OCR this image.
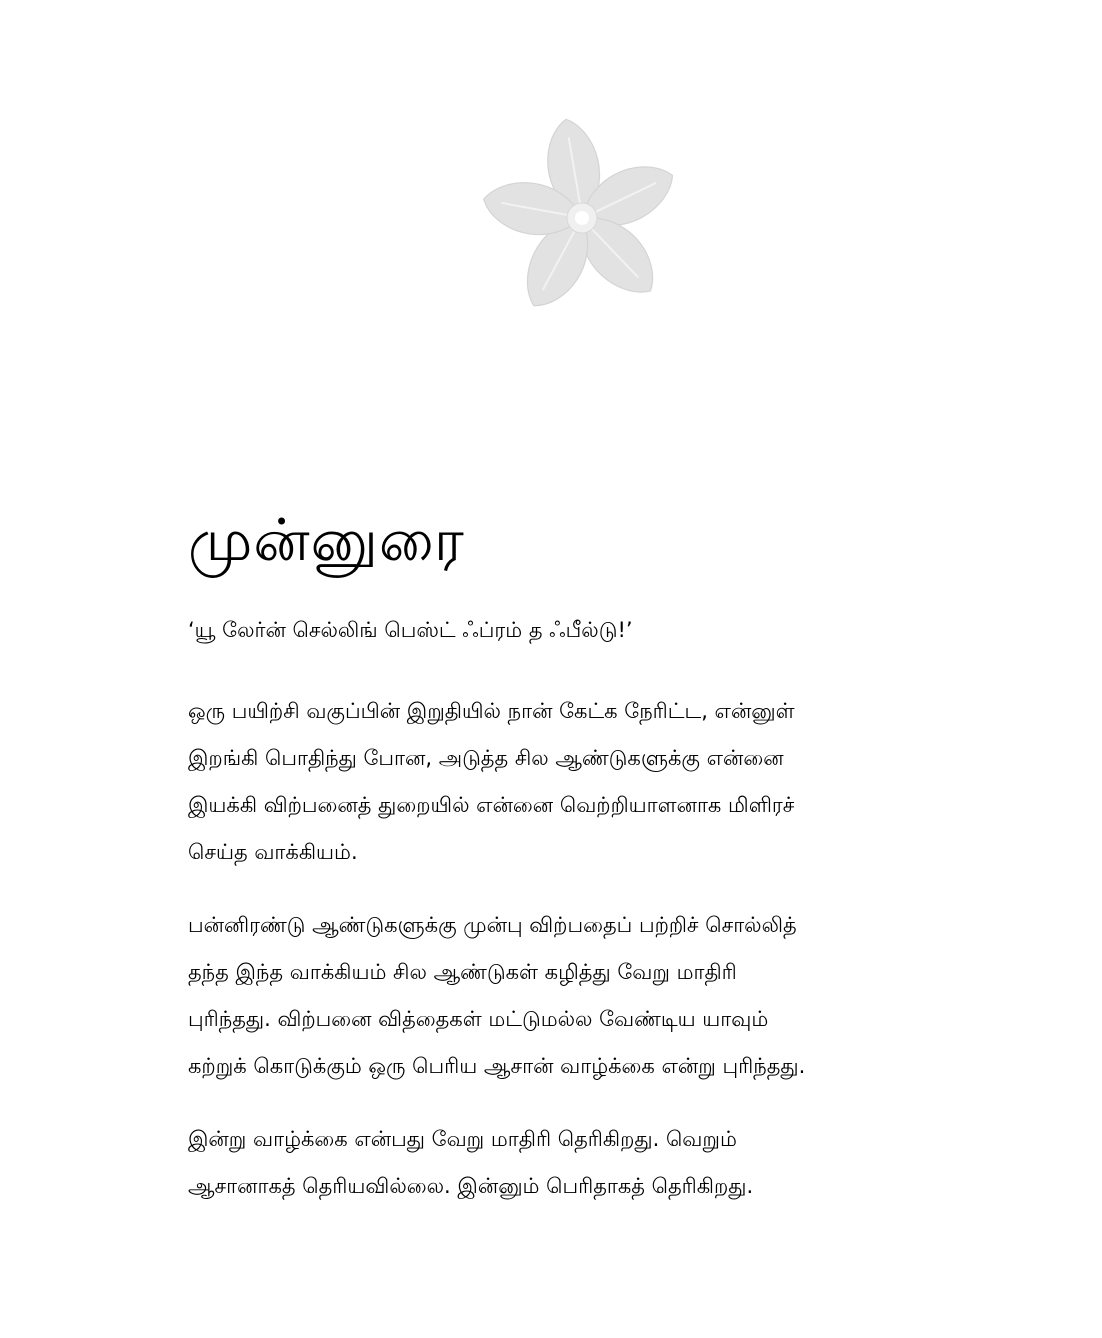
முன்னுரை

‘யூ லேர்ன் செல்லிங் பெஸ்ட் ஃப்ரம் த ஃபீல்டு!’

ஒரு பயிற்சி வகுப்பின் இறுதியில் நான் கேட்க நேரிட்ட, என்னுள்
இறங்கி பொதிந்து போன, அடுத்த சில ஆண்டுகளுக்கு என்னை
இயக்கி விற்பனைத் துறையில் என்னை வெற்றியாளனாக மிளிரச்
செய்த வாக்கியம்.
பன்னிரண்டு ஆண்டுகளுக்கு முன்பு விற்பதைப் பற்றிச் சொல்லித்
தந்த இந்த வாக்கியம் சில ஆண்டுகள் கழித்து வேறு மாதிரி
புரிந்தது. விற்பனை வித்தைகள் மட்டுமல்ல வேண்டிய யாவும்
கற்றுக் கொடுக்கும் ஒரு பெரிய ஆசான் வாழ்க்கை என்று புரிந்தது.
இன்று வாழ்க்கை என்பது வேறு மாதிரி தெரிகிறது. வெறும்
ஆசானாகத் தெரியவில்லை. இன்னும் பெரிதாகத் தெரிகிறது.
